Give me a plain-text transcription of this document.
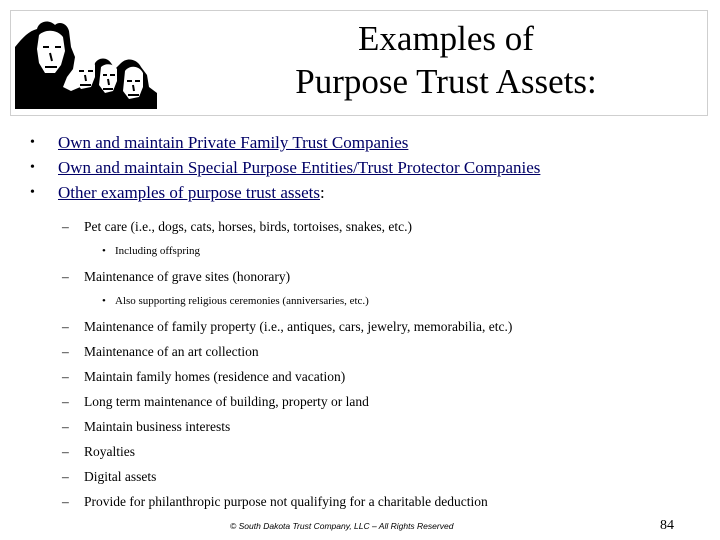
Examples of
Purpose Trust Assets:
• Own and maintain Private Family Trust Companies
• Own and maintain Special Purpose Entities/Trust Protector Companies
• Other examples of purpose trust assets:
– Pet care (i.e., dogs, cats, horses, birds, tortoises, snakes, etc.)
• Including offspring
– Maintenance of grave sites (honorary)
• Also supporting religious ceremonies (anniversaries, etc.)
– Maintenance of family property (i.e., antiques, cars, jewelry, memorabilia, etc.)
– Maintenance of an art collection
– Maintain family homes (residence and vacation)
– Long term maintenance of building, property or land
– Maintain business interests
– Royalties
– Digital assets
– Provide for philanthropic purpose not qualifying for a charitable deduction
© South Dakota Trust Company, LLC – All Rights Reserved	84
